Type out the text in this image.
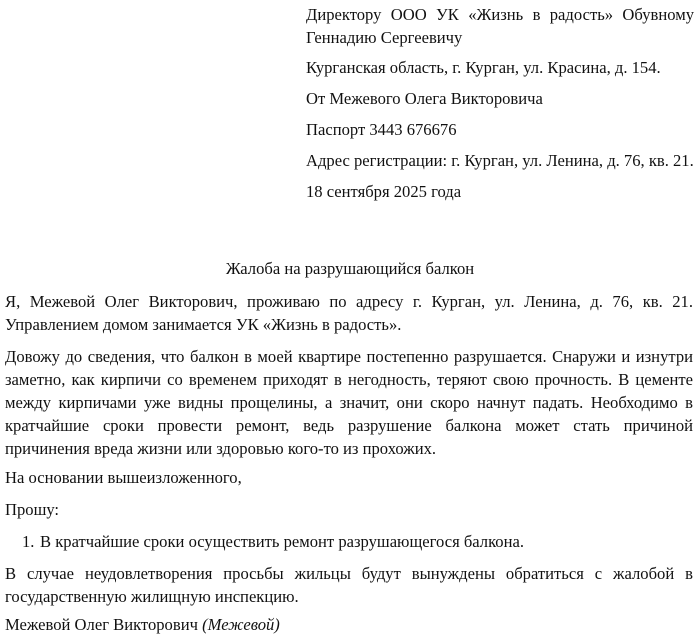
Директору ООО УК «Жизнь в радость» Обувному Геннадию Сергеевичу

Курганская область, г. Курган, ул. Красина, д. 154.

От Межевого Олега Викторовича

Паспорт 3443 676676

Адрес регистрации: г. Курган, ул. Ленина, д. 76, кв. 21.

18 сентября 2025 года

Жалоба на разрушающийся балкон

Я, Межевой Олег Викторович, проживаю по адресу г. Курган, ул. Ленина, д. 76, кв. 21. Управлением домом занимается УК «Жизнь в радость».

Довожу до сведения, что балкон в моей квартире постепенно разрушается. Снаружи и изнутри заметно, как кирпичи со временем приходят в негодность, теряют свою прочность. В цементе между кирпичами уже видны прощелины, а значит, они скоро начнут падать. Необходимо в кратчайшие сроки провести ремонт, ведь разрушение балкона может стать причиной причинения вреда жизни или здоровью кого-то из прохожих.

На основании вышеизложенного,

Прошу:

1. В кратчайшие сроки осуществить ремонт разрушающегося балкона.

В случае неудовлетворения просьбы жильцы будут вынуждены обратиться с жалобой в государственную жилищную инспекцию.

Межевой Олег Викторович (Межевой)
